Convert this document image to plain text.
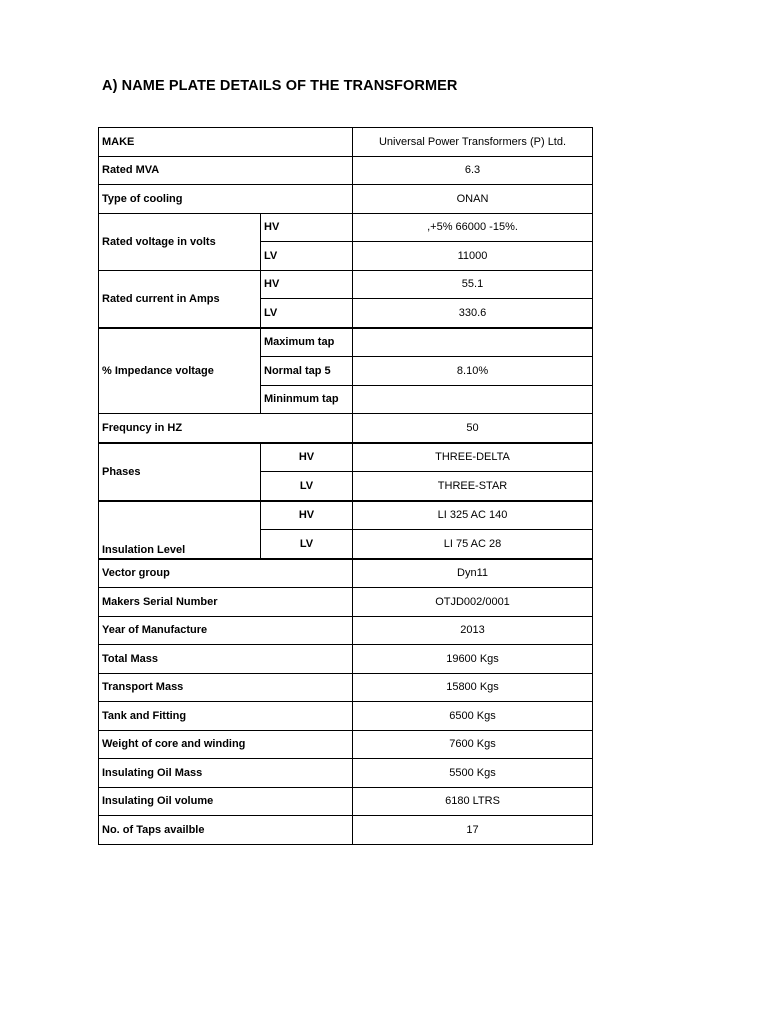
A) NAME PLATE DETAILS OF THE TRANSFORMER
MAKE		Universal Power Transformers (P) Ltd.
Rated MVA		6.3
Type of cooling		ONAN
Rated voltage in volts	HV	,+5% 66000 -15%.
	LV	11000
Rated current in Amps	HV	55.1
	LV	330.6
% Impedance voltage	Maximum tap	
	Normal tap 5	8.10%
	Mininmum tap	
Frequncy in HZ		50
Phases	HV	THREE-DELTA
	LV	THREE-STAR
Insulation Level	HV	LI 325 AC 140
	LV	LI 75 AC 28
Vector group		Dyn11
Makers Serial Number		OTJD002/0001
Year of Manufacture		2013
Total Mass		19600 Kgs
Transport Mass		15800 Kgs
Tank and Fitting		6500 Kgs
Weight of core and winding		7600 Kgs
Insulating Oil Mass		5500 Kgs
Insulating Oil volume		6180 LTRS
No. of Taps availble		17
